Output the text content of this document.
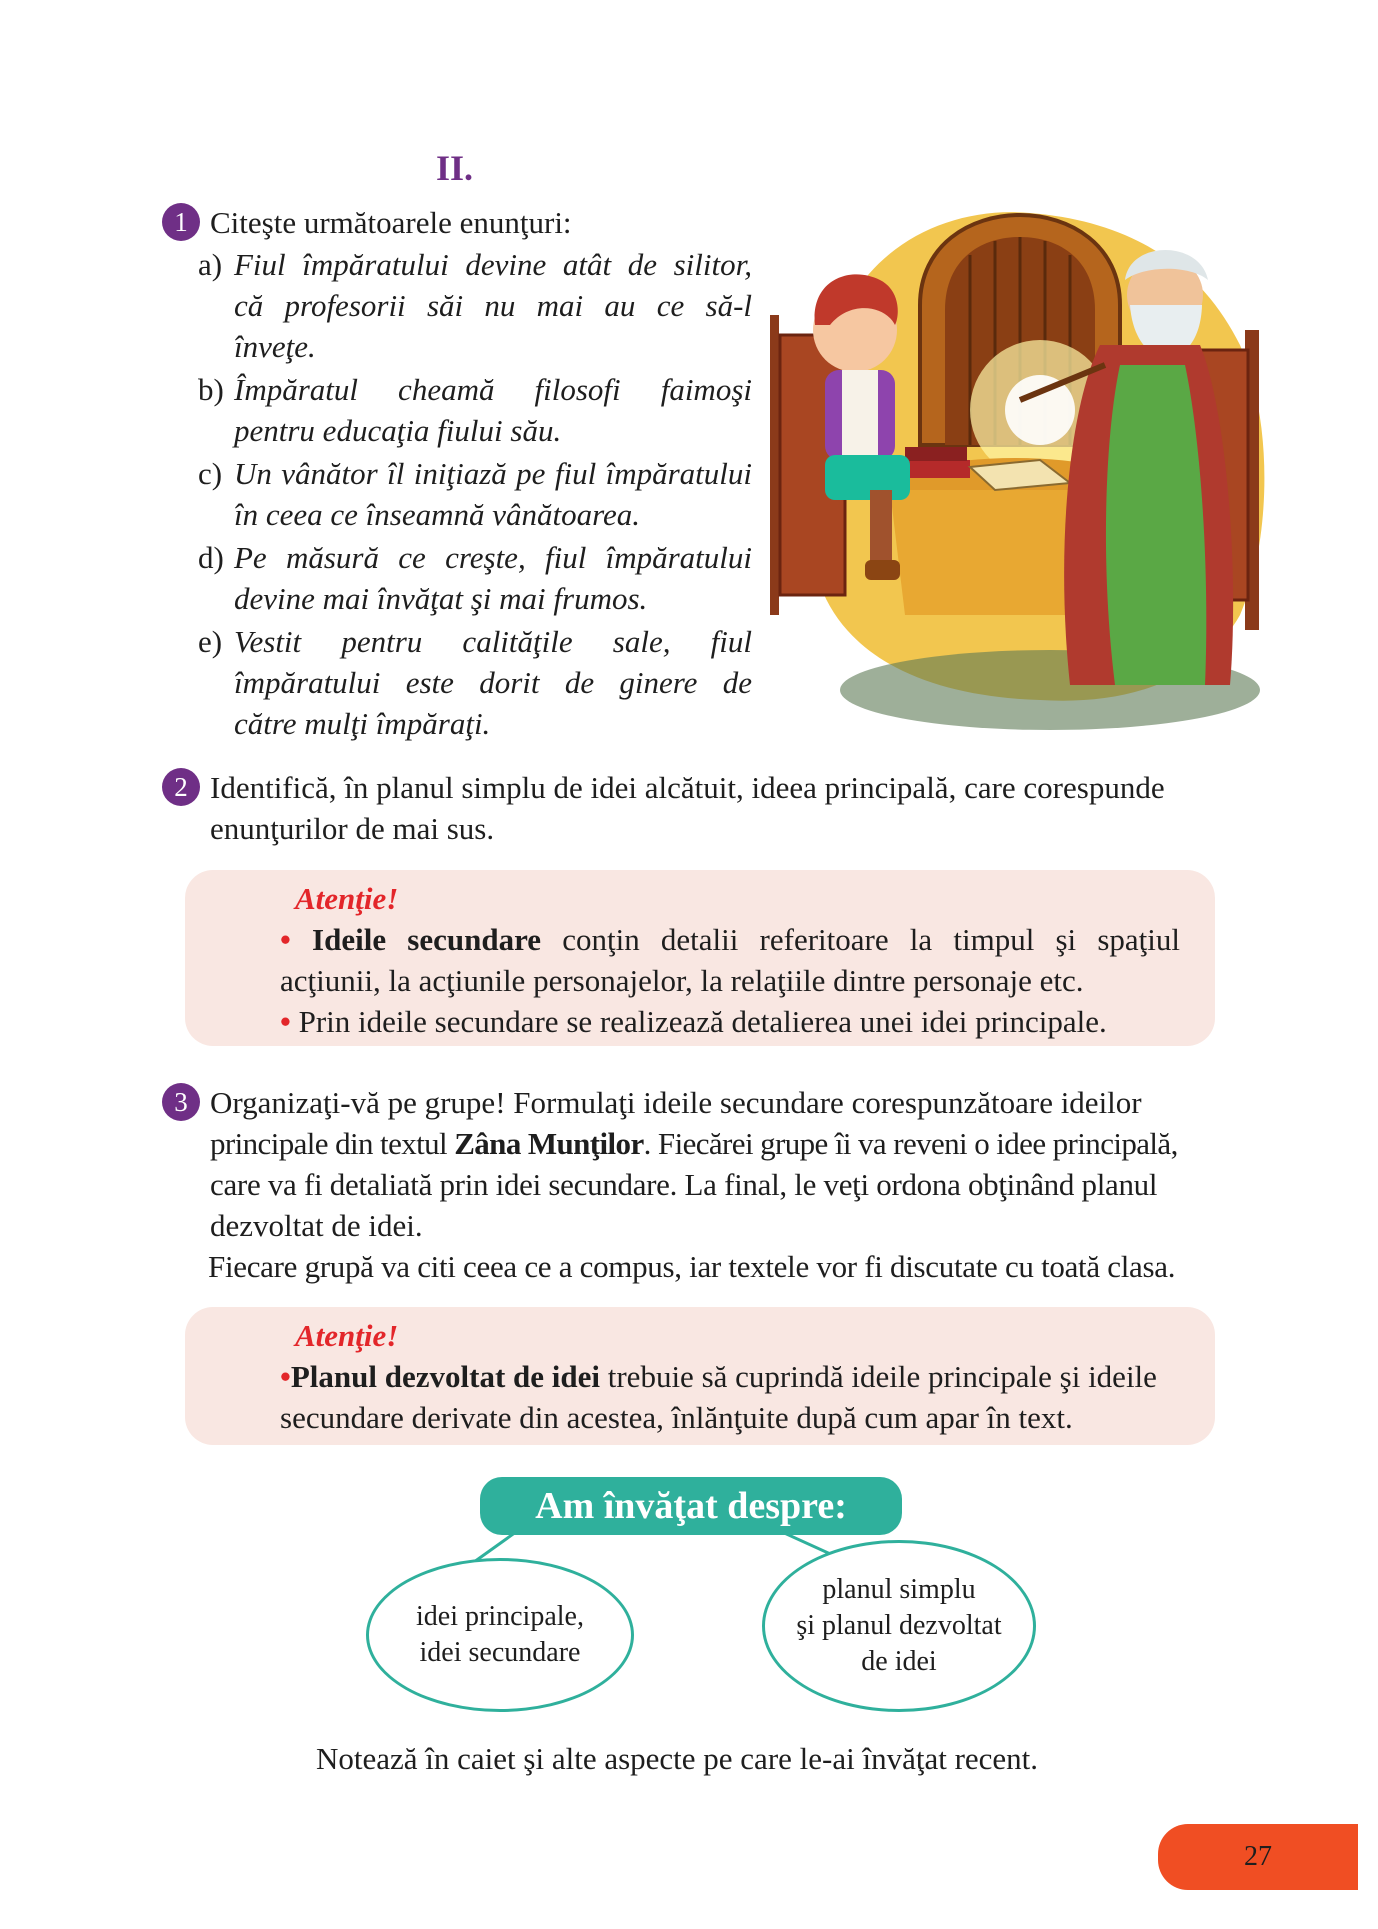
II.
1 Citeşte următoarele enunţuri:
a) Fiul împăratului devine atât de silitor,
că profesorii săi nu mai au ce să-l
înveţe.
b) Împăratul cheamă filosofi faimoşi
pentru educaţia fiului său.
c) Un vânător îl iniţiază pe fiul împăratului
în ceea ce înseamnă vânătoarea.
d) Pe măsură ce creşte, fiul împăratului
devine mai învăţat şi mai frumos.
e) Vestit pentru calităţile sale, fiul
împăratului este dorit de ginere de
către mulţi împăraţi.
2 Identifică, în planul simplu de idei alcătuit, ideea principală, care corespunde
enunţurilor de mai sus.
Atenţie!
• Ideile secundare conţin detalii referitoare la timpul şi spaţiul
acţiunii, la acţiunile personajelor, la relaţiile dintre personaje etc.
• Prin ideile secundare se realizează detalierea unei idei principale.
3 Organizaţi-vă pe grupe! Formulaţi ideile secundare corespunzătoare ideilor
principale din textul Zâna Munţilor. Fiecărei grupe îi va reveni o idee principală,
care va fi detaliată prin idei secundare. La final, le veţi ordona obţinând planul
dezvoltat de idei.
Fiecare grupă va citi ceea ce a compus, iar textele vor fi discutate cu toată clasa.
Atenţie!
•Planul dezvoltat de idei trebuie să cuprindă ideile principale şi ideile
secundare derivate din acestea, înlănţuite după cum apar în text.
Am învăţat despre:
idei principale,
idei secundare
planul simplu
şi planul dezvoltat
de idei
Notează în caiet şi alte aspecte pe care le-ai învăţat recent.
27
